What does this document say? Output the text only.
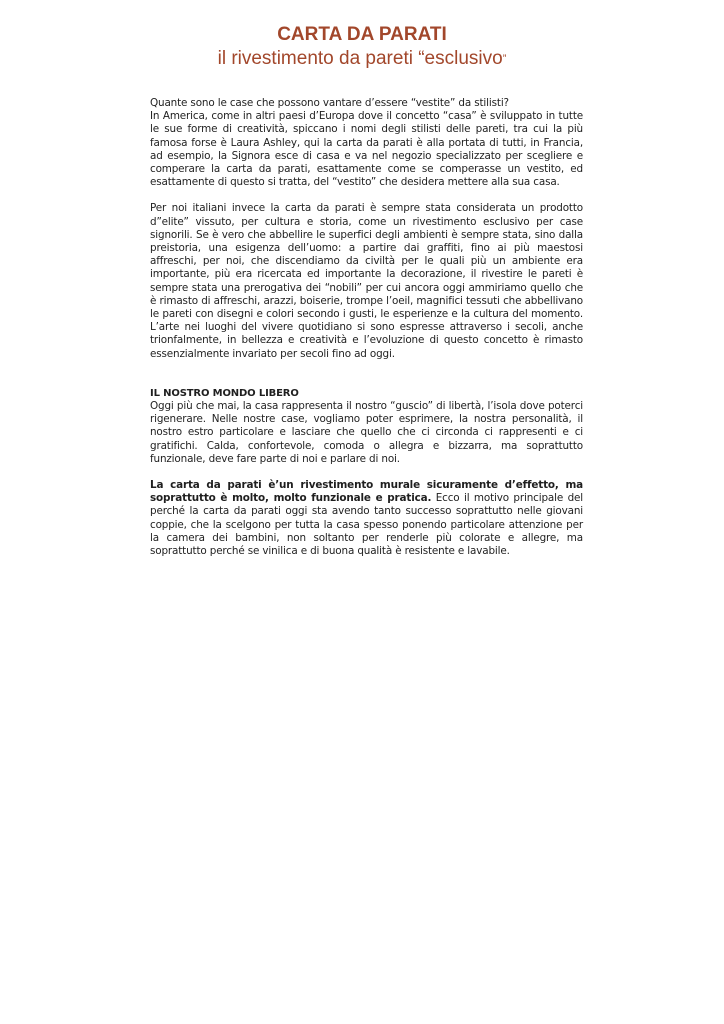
CARTA DA PARATI

il rivestimento da pareti “esclusivo”

Quante sono le case che possono vantare d’essere “vestite” da stilisti?

In America, come in altri paesi d’Europa dove il concetto “casa” è sviluppato in tutte le sue forme di creatività, spiccano i nomi degli stilisti delle pareti, tra cui la più famosa forse è Laura Ashley, qui la carta da parati è alla portata di tutti, in Francia, ad esempio, la Signora esce di casa e va nel negozio specializzato per scegliere e comperare la carta da parati, esattamente come se comperasse un vestito, ed esattamente di questo si tratta, del “vestito” che desidera mettere alla sua casa.

Per noi italiani invece la carta da parati è sempre stata considerata un prodotto d”elite” vissuto, per cultura e storia, come un rivestimento esclusivo per case signorili. Se è vero che abbellire le superfici degli ambienti è sempre stata, sino dalla preistoria, una esigenza dell’uomo: a partire dai graffiti, fino ai più maestosi affreschi, per noi, che discendiamo da civiltà per le quali più un ambiente era importante, più era ricercata ed importante la decorazione, il rivestire le pareti è sempre stata una prerogativa dei “nobili” per cui ancora oggi ammiriamo quello che è rimasto di affreschi, arazzi, boiserie, trompe l’oeil, magnifici tessuti che abbellivano le pareti con disegni e colori secondo i gusti, le esperienze e la cultura del momento. L’arte nei luoghi del vivere quotidiano si sono espresse attraverso i secoli, anche trionfalmente, in bellezza e creatività e l’evoluzione di questo concetto è rimasto essenzialmente invariato per secoli fino ad oggi.

IL NOSTRO MONDO LIBERO

Oggi più che mai, la casa rappresenta il nostro “guscio” di libertà, l’isola dove poterci rigenerare. Nelle nostre case, vogliamo poter esprimere, la nostra personalità, il nostro estro particolare e lasciare che quello che ci circonda ci rappresenti e ci gratifichi. Calda, confortevole, comoda o allegra e bizzarra, ma soprattutto funzionale, deve fare parte di noi e parlare di noi.

La carta da parati è’un rivestimento murale sicuramente d’effetto, ma soprattutto è molto, molto funzionale e pratica. Ecco il motivo principale del perché la carta da parati oggi sta avendo tanto successo soprattutto nelle giovani coppie, che la scelgono per tutta la casa spesso ponendo particolare attenzione per la camera dei bambini, non soltanto per renderle più colorate e allegre, ma soprattutto perché se vinilica e di buona qualità è resistente e lavabile.
